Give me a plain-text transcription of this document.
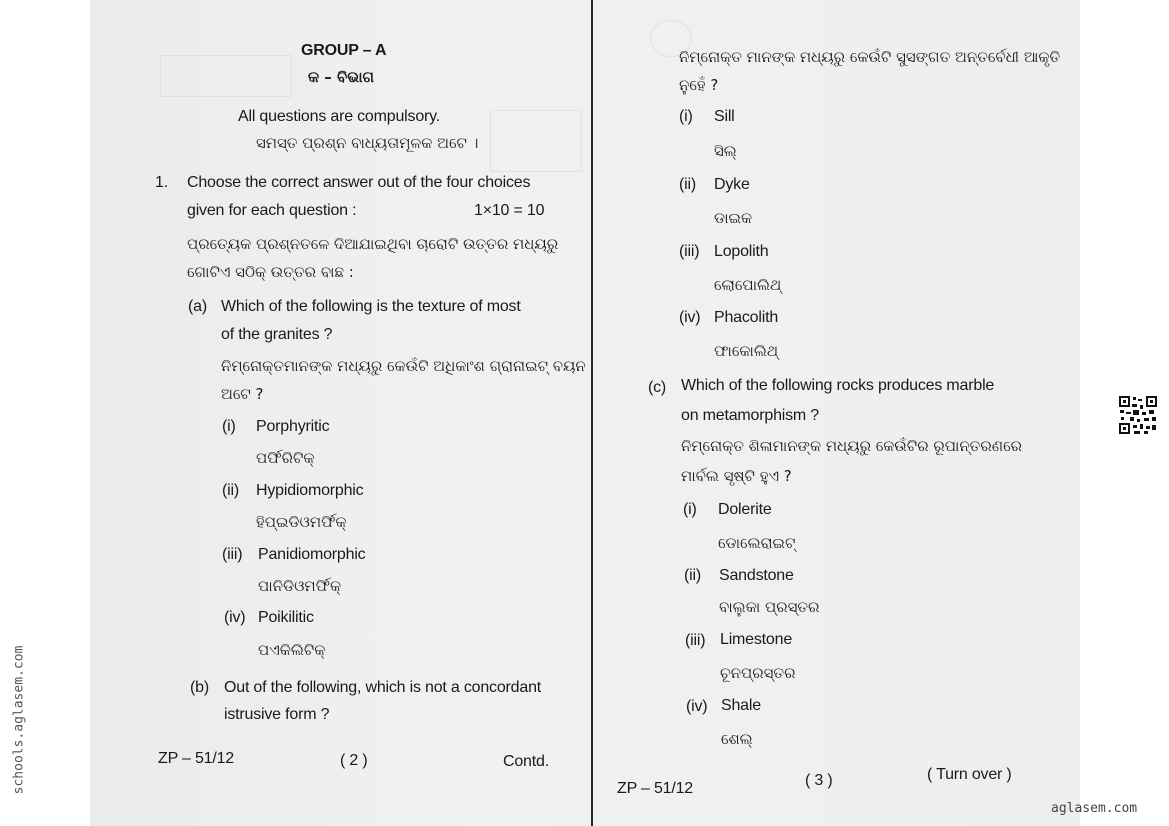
GROUP – A
କ – ବିଭାଗ
All questions are compulsory.
ସମସ୍ତ ପ୍ରଶ୍ନ ବାଧ୍ୟତାମୂଳକ ଅଟେ ।
1. Choose the correct answer out of the four choices
given for each question :	1×10 = 10
ପ୍ରତ୍ୟେକ ପ୍ରଶ୍ନତଳେ ଦିଆଯାଇଥିବା ଚାରୋଟି ଉତ୍ତର ମଧ୍ୟରୁ
ଗୋଟିଏ ସଠିକ୍ ଉତ୍ତର ବାଛ :
(a) Which of the following is the texture of most
of the granites ?
ନିମ୍ନୋକ୍ତମାନଙ୍କ ମଧ୍ୟରୁ କେଉଁଟି ଅଧିକାଂଶ ଗ୍ରାନାଇଟ୍ ବୟନ
ଅଟେ ?
(i) Porphyritic
ପର୍ଫିରିଟିକ୍
(ii) Hypidiomorphic
ହିପ୍ଇଡିଓମର୍ଫିକ୍
(iii) Panidiomorphic
ପାନିଡିଓମର୍ଫିକ୍
(iv) Poikilitic
ପଏକିଲିଟିକ୍
(b) Out of the following, which is not a concordant
istrusive form ?
ZP – 51/12	( 2 )	Contd.
ନିମ୍ନୋକ୍ତ ମାନଙ୍କ ମଧ୍ୟରୁ କେଉଁଟି ସୁସଙ୍ଗତ ଅନ୍ତର୍ବେଧୀ ଆକୃତି
ନୁହେଁ ?
(i) Sill
ସିଲ୍
(ii) Dyke
ଡାଇକ
(iii) Lopolith
ଲୋପୋଲିଥ୍
(iv) Phacolith
ଫାକୋଲିଥ୍
(c) Which of the following rocks produces marble
on metamorphism ?
ନିମ୍ନୋକ୍ତ ଶିଳାମାନଙ୍କ ମଧ୍ୟରୁ କେଉଁଟିର ରୂପାନ୍ତରଣରେ
ମାର୍ବଲ ସୃଷ୍ଟି ହୁଏ ?
(i) Dolerite
ଡୋଲେରାଇଟ୍
(ii) Sandstone
ବାଲୁକା ପ୍ରସ୍ତର
(iii) Limestone
ଚୂନପ୍ରସ୍ତର
(iv) Shale
ଶେଲ୍
ZP – 51/12	( 3 )	( Turn over )
schools.aglasem.com
aglasem.com
